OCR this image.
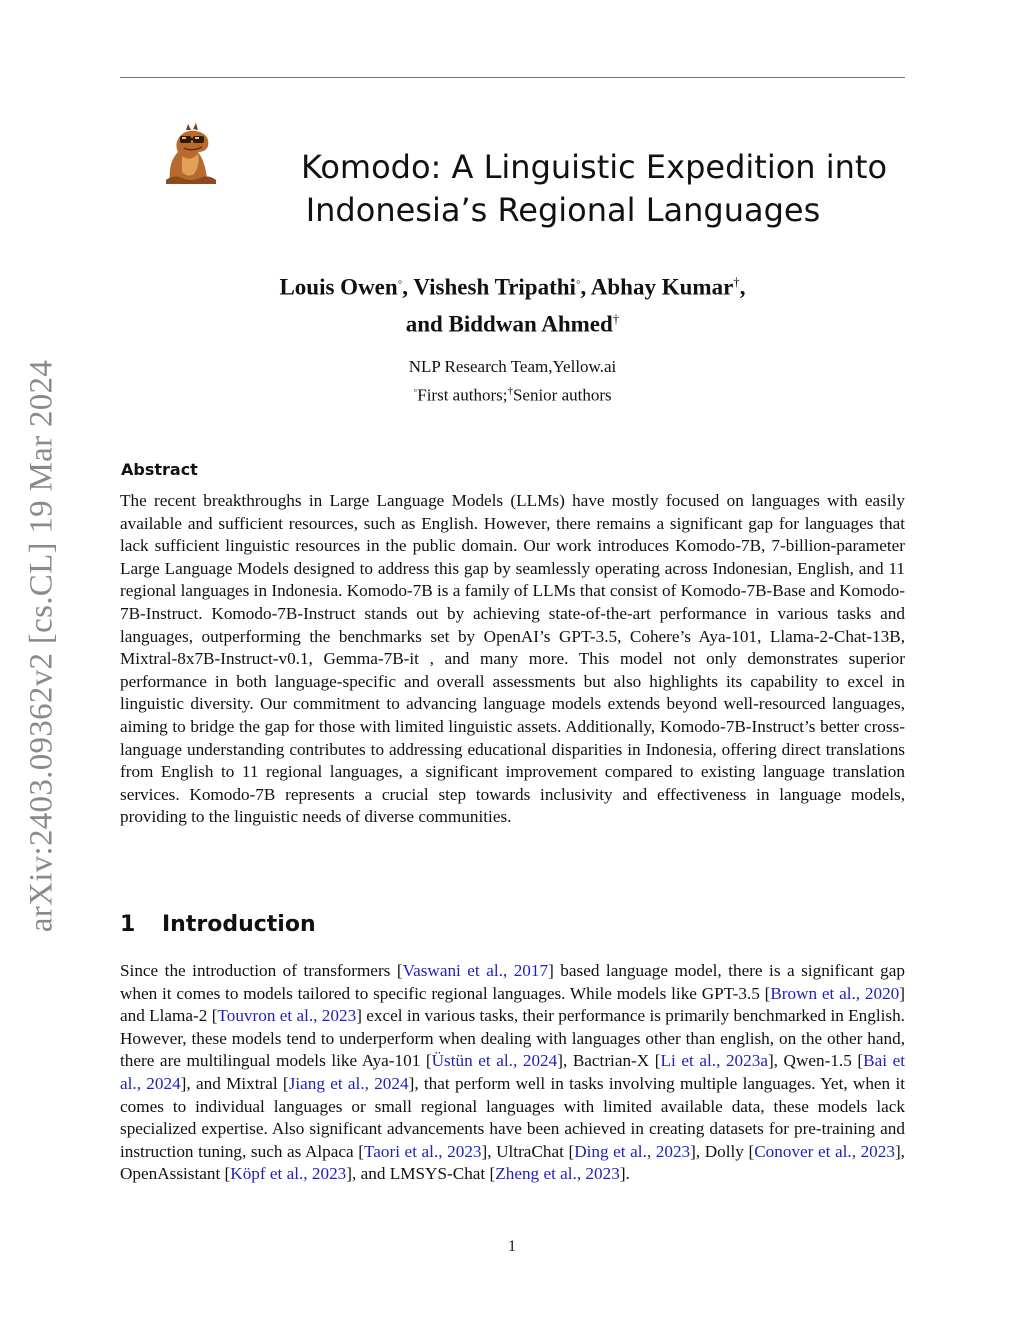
arXiv:2403.09362v2 [cs.CL] 19 Mar 2024
Komodo: A Linguistic Expedition into
Indonesia’s Regional Languages
Louis Owen◦, Vishesh Tripathi◦, Abhay Kumar†,
and Biddwan Ahmed†
NLP Research Team,Yellow.ai
◦First authors;†Senior authors
Abstract
The recent breakthroughs in Large Language Models (LLMs) have mostly focused on languages with easily available and sufficient resources, such as English. However, there remains a significant gap for languages that lack sufficient linguistic resources in the public domain. Our work introduces Komodo-7B, 7-billion-parameter Large Language Models designed to address this gap by seamlessly operating across Indonesian, English, and 11 regional languages in Indonesia. Komodo-7B is a family of LLMs that consist of Komodo-7B-Base and Komodo-7B-Instruct. Komodo-7B-Instruct stands out by achieving state-of-the-art performance in various tasks and languages, outperforming the benchmarks set by OpenAI’s GPT-3.5, Cohere’s Aya-101, Llama-2-Chat-13B, Mixtral-8x7B-Instruct-v0.1, Gemma-7B-it , and many more. This model not only demonstrates superior performance in both language-specific and overall assessments but also highlights its capability to excel in linguistic diversity. Our commitment to advancing language models extends beyond well-resourced languages, aiming to bridge the gap for those with limited linguistic assets. Additionally, Komodo-7B-Instruct’s better cross-language understanding contributes to addressing educational disparities in Indonesia, offering direct translations from English to 11 regional languages, a significant improvement compared to existing language translation services. Komodo-7B represents a crucial step towards inclusivity and effectiveness in language models, providing to the linguistic needs of diverse communities.
1 Introduction
Since the introduction of transformers [Vaswani et al., 2017] based language model, there is a significant gap when it comes to models tailored to specific regional languages. While models like GPT-3.5 [Brown et al., 2020] and Llama-2 [Touvron et al., 2023] excel in various tasks, their performance is primarily benchmarked in English. However, these models tend to underperform when dealing with languages other than english, on the other hand, there are multilingual models like Aya-101 [Üstün et al., 2024], Bactrian-X [Li et al., 2023a], Qwen-1.5 [Bai et al., 2024], and Mixtral [Jiang et al., 2024], that perform well in tasks involving multiple languages. Yet, when it comes to individual languages or small regional languages with limited available data, these models lack specialized expertise. Also significant advancements have been achieved in creating datasets for pre-training and instruction tuning, such as Alpaca [Taori et al., 2023], UltraChat [Ding et al., 2023], Dolly [Conover et al., 2023], OpenAssistant [Köpf et al., 2023], and LMSYS-Chat [Zheng et al., 2023].
1
